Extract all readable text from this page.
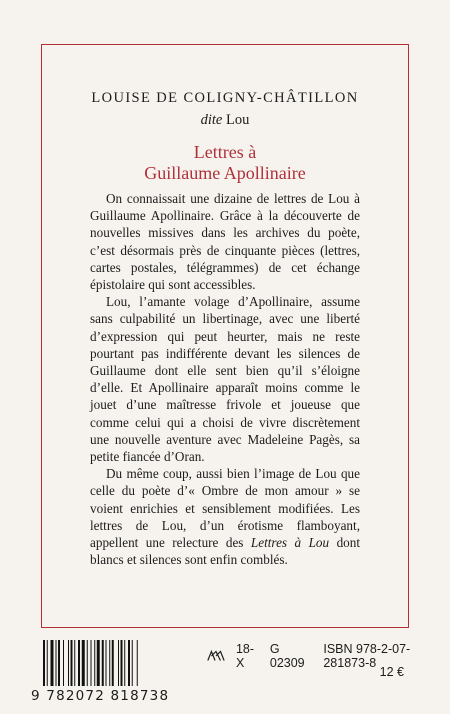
LOUISE DE COLIGNY-CHÂTILLON
dite Lou
Lettres à
Guillaume Apollinaire

On connaissait une dizaine de lettres de Lou à Guillaume Apollinaire. Grâce à la découverte de nouvelles missives dans les archives du poète, c’est désormais près de cinquante pièces (lettres, cartes postales, télégrammes) de cet échange épistolaire qui sont accessibles.

Lou, l’amante volage d’Apollinaire, assume sans culpabilité un libertinage, avec une liberté d’expression qui peut heurter, mais ne reste pourtant pas indifférente devant les silences de Guillaume dont elle sent bien qu’il s’éloigne d’elle. Et Apollinaire apparaît moins comme le jouet d’une maîtresse frivole et joueuse que comme celui qui a choisi de vivre discrètement une nouvelle aventure avec Madeleine Pagès, sa petite fiancée d’Oran.

Du même coup, aussi bien l’image de Lou que celle du poète d’« Ombre de mon amour » se voient enrichies et sensiblement modifiées. Les lettres de Lou, d’un érotisme flamboyant, appellent une relecture des Lettres à Lou dont blancs et silences sont enfin comblés.

9 782072 818738
18-X
G 02309
ISBN 978-2-07-281873-8
12 €
